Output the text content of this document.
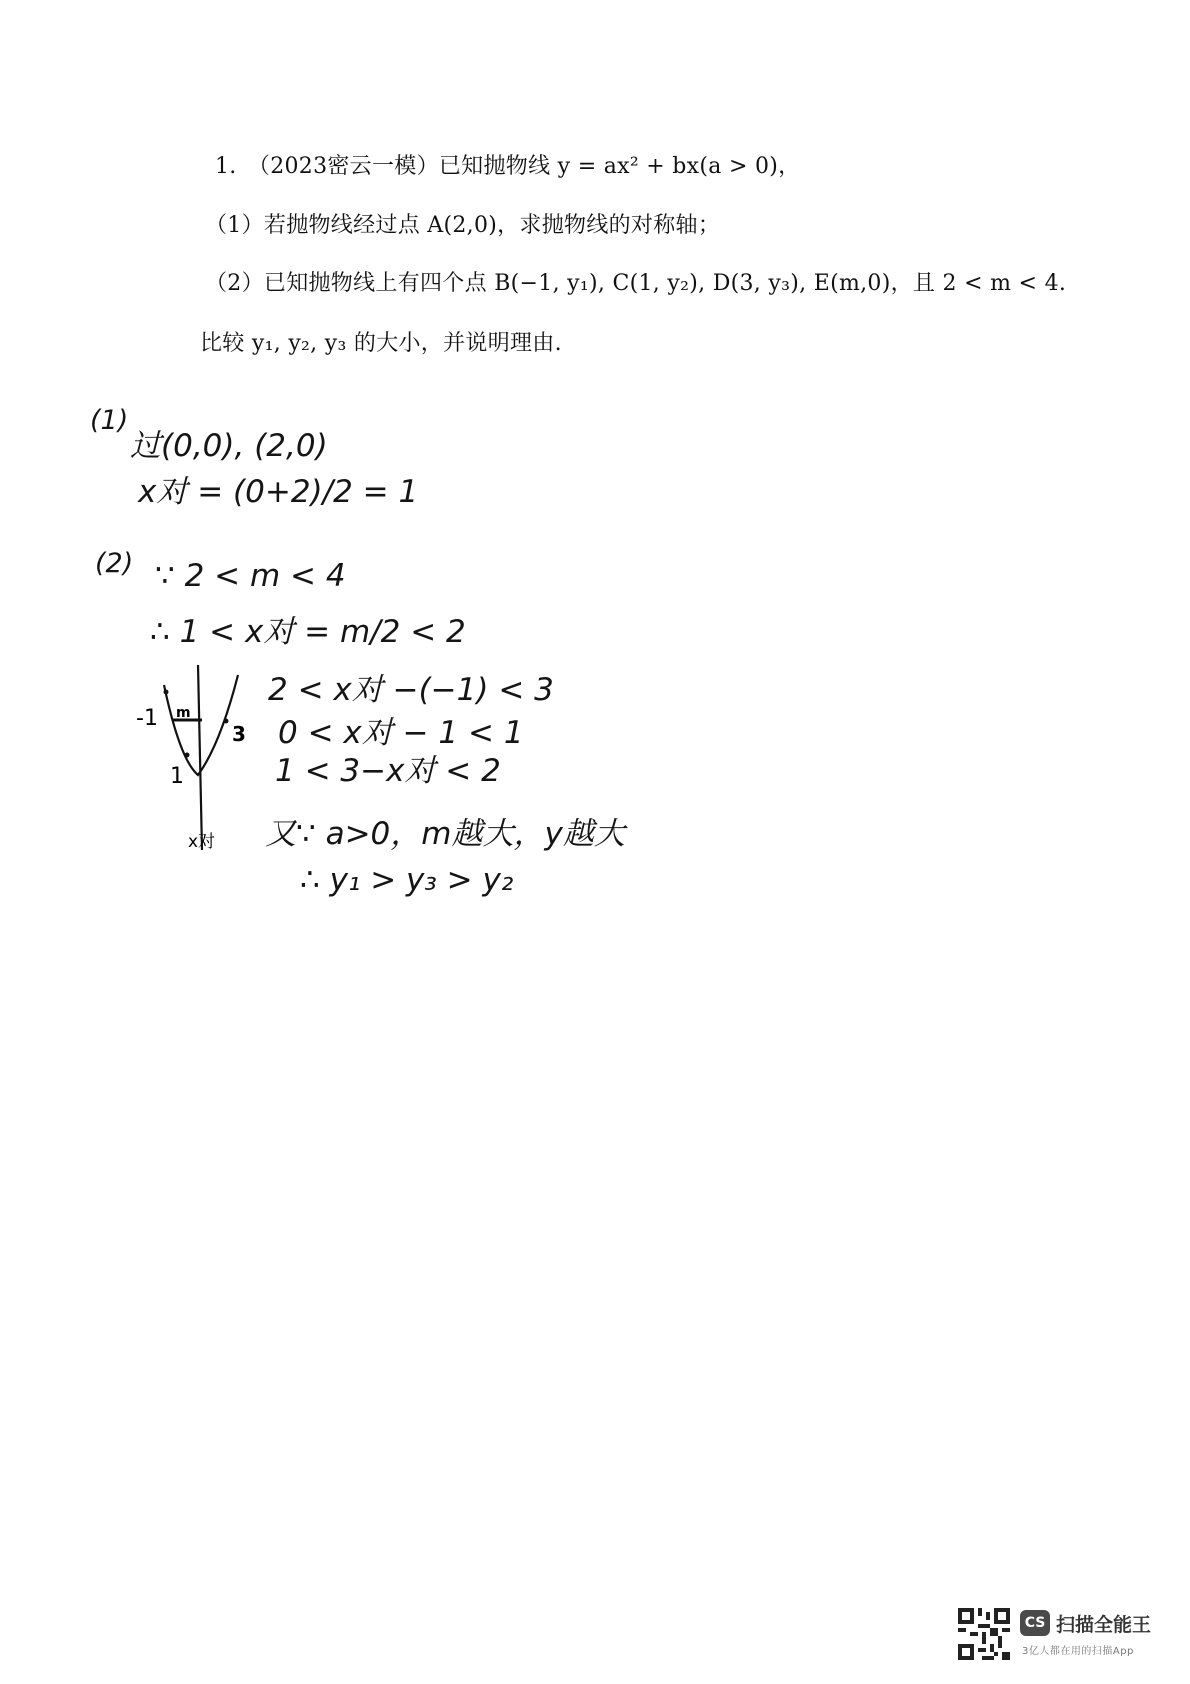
1.　（2023密云一模）已知抛物线 y = ax² + bx(a > 0)，
（1）若抛物线经过点 A(2,0)，求抛物线的对称轴；
（2）已知抛物线上有四个点 B(−1, y₁), C(1, y₂), D(3, y₃), E(m,0)，且 2 < m < 4.
比较 y₁, y₂, y₃ 的大小，并说明理由.
(1)
过(0,0), (2,0)
x对 = (0+2)/2 = 1
(2) ∵ 2 < m < 4
∴ 1 < x对 = m/2 < 2
2 < x对 −(−1) < 3
0 < x对 − 1 < 1
1 < 3−x对 < 2
又∵ a>0，m越大，y越大
∴ y₁ > y₃ > y₂
-1 m
3
1
x对
CS 扫描全能王
3亿人都在用的扫描App
